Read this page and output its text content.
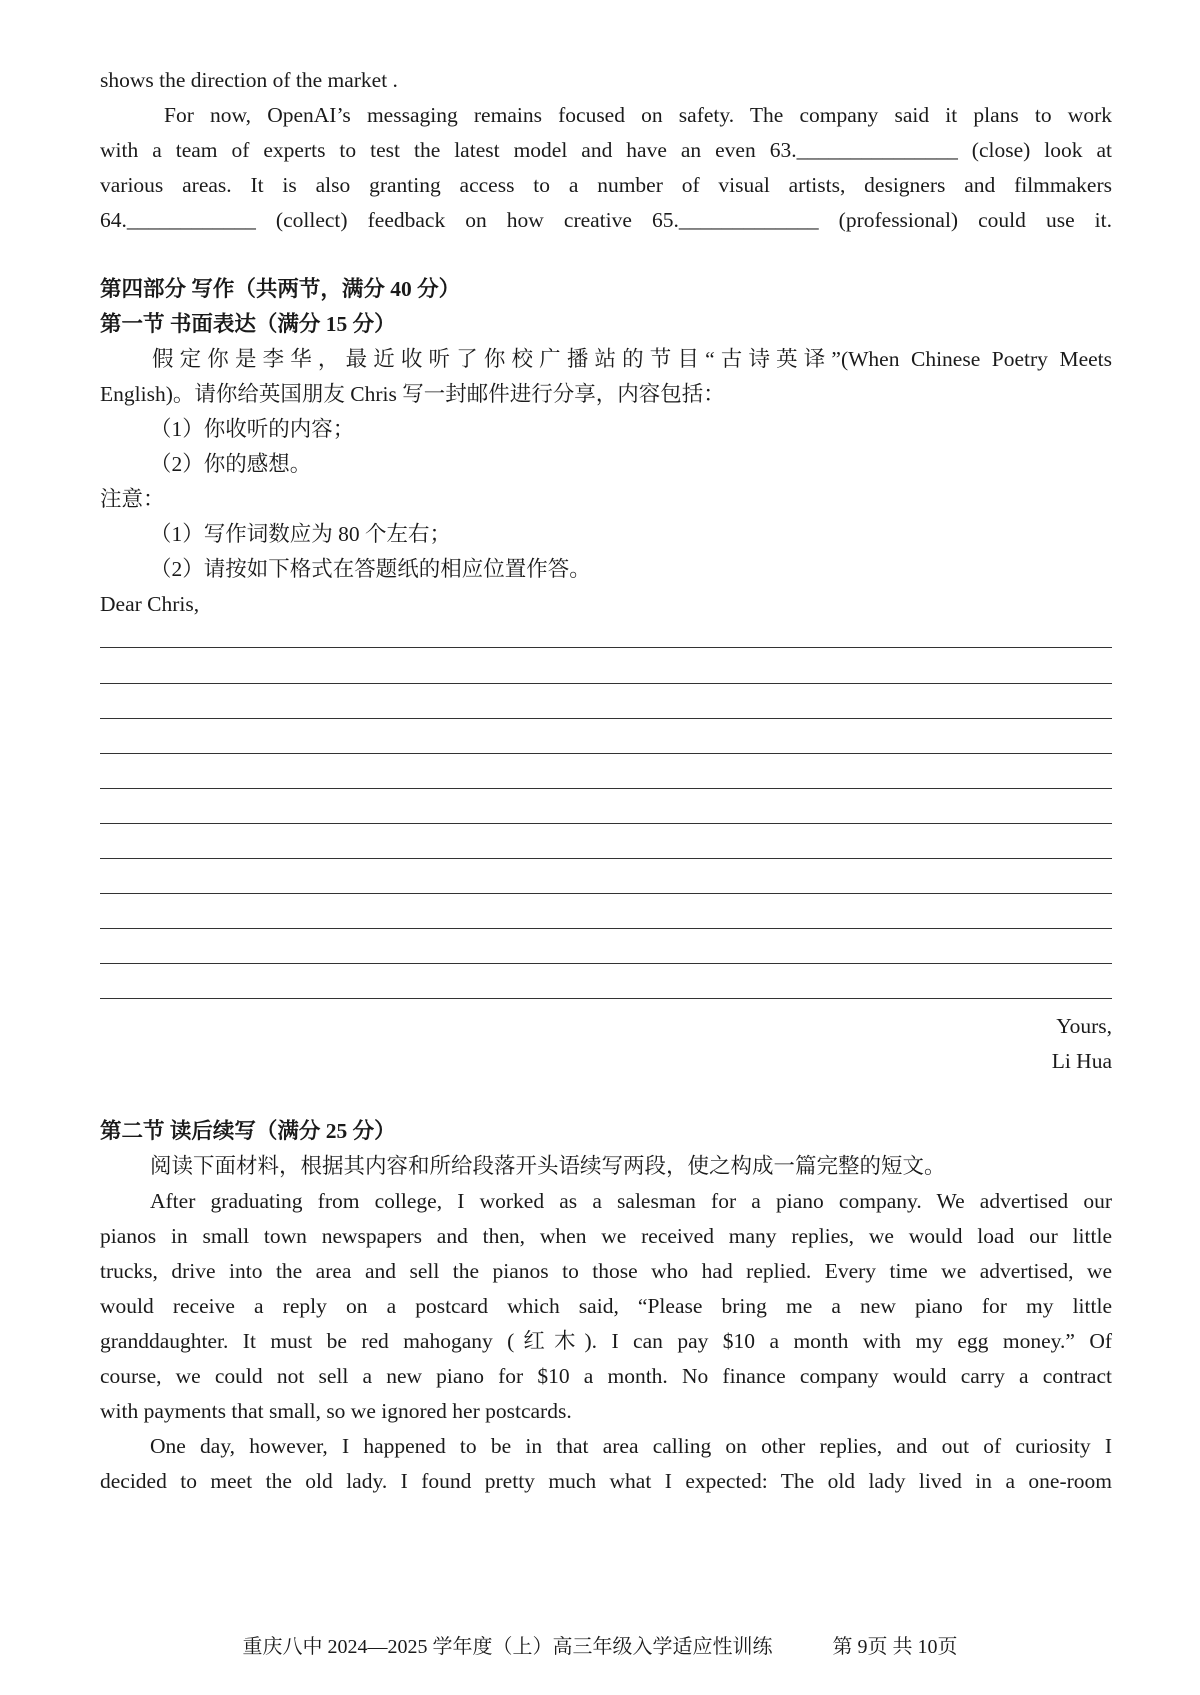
shows the direction of the market .
For now, OpenAI’s messaging remains focused on safety. The company said it plans to work
with a team of experts to test the latest model and have an even 63._______________ (close) look at
various areas. It is also granting access to a number of visual artists, designers and filmmakers
64.____________ (collect) feedback on how creative 65._____________ (professional) could use it.
第四部分 写作（共两节，满分 40 分）
第一节 书面表达（满分 15 分）
假定你是李华，最近收听了你校广播站的节目“古诗英译”(When Chinese Poetry Meets
English)。请你给英国朋友 Chris 写一封邮件进行分享，内容包括：
（1）你收听的内容；
（2）你的感想。
注意：
（1）写作词数应为 80 个左右；
（2）请按如下格式在答题纸的相应位置作答。
Dear Chris,
Yours,
Li Hua
第二节 读后续写（满分 25 分）
阅读下面材料，根据其内容和所给段落开头语续写两段，使之构成一篇完整的短文。
After graduating from college, I worked as a salesman for a piano company. We advertised our
pianos in small town newspapers and then, when we received many replies, we would load our little
trucks, drive into the area and sell the pianos to those who had replied. Every time we advertised, we
would receive a reply on a postcard which said, “Please bring me a new piano for my little
granddaughter. It must be red mahogany (红木). I can pay $10 a month with my egg money.” Of
course, we could not sell a new piano for $10 a month. No finance company would carry a contract
with payments that small, so we ignored her postcards.
One day, however, I happened to be in that area calling on other replies, and out of curiosity I
decided to meet the old lady. I found pretty much what I expected: The old lady lived in a one-room
重庆八中 2024—2025 学年度（上）高三年级入学适应性训练	第 9页 共 10页
